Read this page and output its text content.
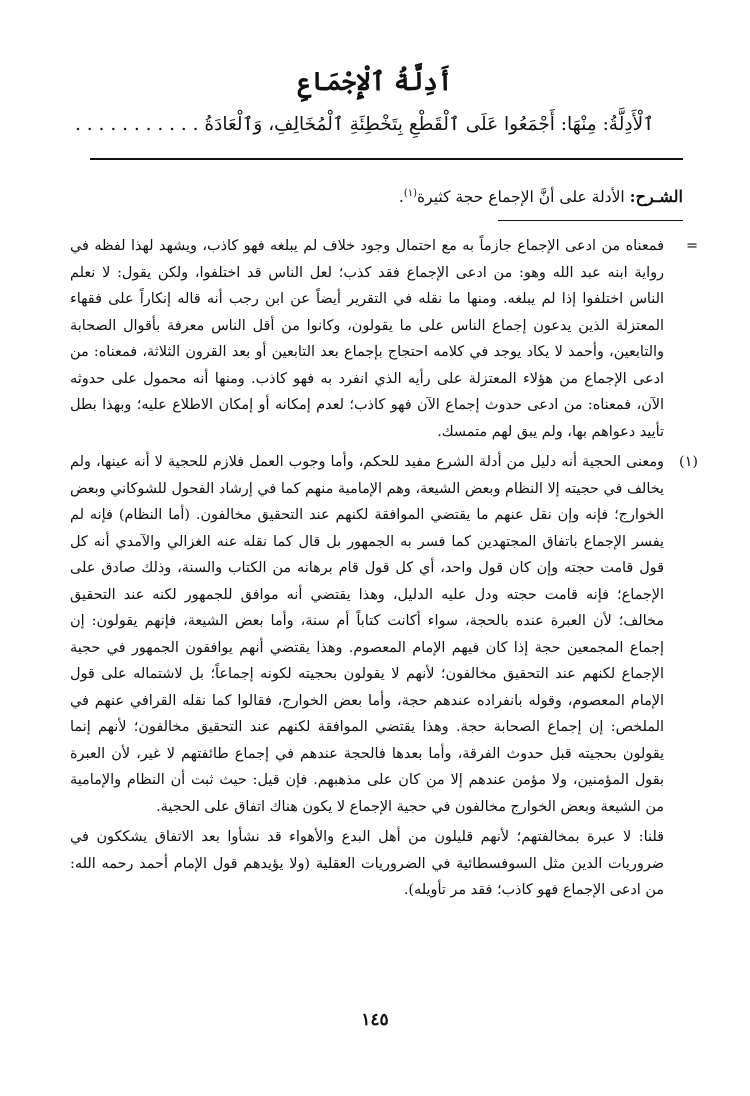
أَدِلَّةُ ٱلْإِجْمَاعِ
ٱلْأَدِلَّةُ: مِنْهَا: أَجْمَعُوا عَلَى ٱلْقَطْعِ بِتَخْطِئَةِ ٱلْمُخَالِفِ، وَٱلْعَادَةُ . . . . . . . . . . .
الشـرح: الأدلة على أنَّ الإجماع حجة كثيرة$^{(١)}$.

=
فمعناه من ادعى الإجماع جازماً به مع احتمال وجود خلاف لم يبلغه فهو كاذب، ويشهد لهذا لفظه في رواية ابنه عبد الله وهو: من ادعى الإجماع فقد كذب؛ لعل الناس قد اختلفوا، ولكن يقول: لا نعلم الناس اختلفوا إذا لم يبلغه. ومنها ما نقله في التقرير أيضاً عن ابن رجب أنه قاله إنكاراً على فقهاء المعتزلة الذين يدعون إجماع الناس على ما يقولون، وكانوا من أقل الناس معرفة بأقوال الصحابة والتابعين، وأحمد لا يكاد يوجد في كلامه احتجاج بإجماع بعد التابعين أو بعد القرون الثلاثة، فمعناه: من ادعى الإجماع من هؤلاء المعتزلة على رأيه الذي انفرد به فهو كاذب. ومنها أنه محمول على حدوثه الآن، فمعناه: من ادعى حدوث إجماع الآن فهو كاذب؛ لعدم إمكانه أو إمكان الاطلاع عليه؛ وبهذا بطل تأييد دعواهم بها، ولم يبق لهم متمسك.

(١)
ومعنى الحجية أنه دليل من أدلة الشرع مفيد للحكم، وأما وجوب العمل فلازم للحجية لا أنه عينها، ولم يخالف في حجيته إلا النظام وبعض الشيعة، وهم الإمامية منهم كما في إرشاد الفحول للشوكاني وبعض الخوارج؛ فإنه وإن نقل عنهم ما يقتضي الموافقة لكنهم عند التحقيق مخالفون. (أما النظام) فإنه لم يفسر الإجماع باتفاق المجتهدين كما فسر به الجمهور بل قال كما نقله عنه الغزالي والآمدي أنه كل قول قامت حجته وإن كان قول واحد، أي كل قول قام برهانه من الكتاب والسنة، وذلك صادق على الإجماع؛ فإنه قامت حجته ودل عليه الدليل، وهذا يقتضي أنه موافق للجمهور لكنه عند التحقيق مخالف؛ لأن العبرة عنده بالحجة، سواء أكانت كتاباً أم سنة، وأما بعض الشيعة، فإنهم يقولون: إن إجماع المجمعين حجة إذا كان فيهم الإمام المعصوم. وهذا يقتضي أنهم يوافقون الجمهور في حجية الإجماع لكنهم عند التحقيق مخالفون؛ لأنهم لا يقولون بحجيته لكونه إجماعاً؛ بل لاشتماله على قول الإمام المعصوم، وقوله بانفراده عندهم حجة، وأما بعض الخوارج، فقالوا كما نقله القرافي عنهم في الملخص: إن إجماع الصحابة حجة. وهذا يقتضي الموافقة لكنهم عند التحقيق مخالفون؛ لأنهم إنما يقولون بحجيته قبل حدوث الفرقة، وأما بعدها فالحجة عندهم في إجماع طائفتهم لا غير، لأن العبرة بقول المؤمنين، ولا مؤمن عندهم إلا من كان على مذهبهم. فإن قيل: حيث ثبت أن النظام والإمامية من الشيعة وبعض الخوارج مخالفون في حجية الإجماع لا يكون هناك اتفاق على الحجية.

قلنا: لا عبرة بمخالفتهم؛ لأنهم قليلون من أهل البدع والأهواء قد نشأوا بعد الاتفاق يشككون في ضروريات الدين مثل السوفسطائية في الضروريات العقلية (ولا يؤيدهم قول الإمام أحمد رحمه الله: من ادعى الإجماع فهو كاذب؛ فقد مر تأويله).

١٤٥
